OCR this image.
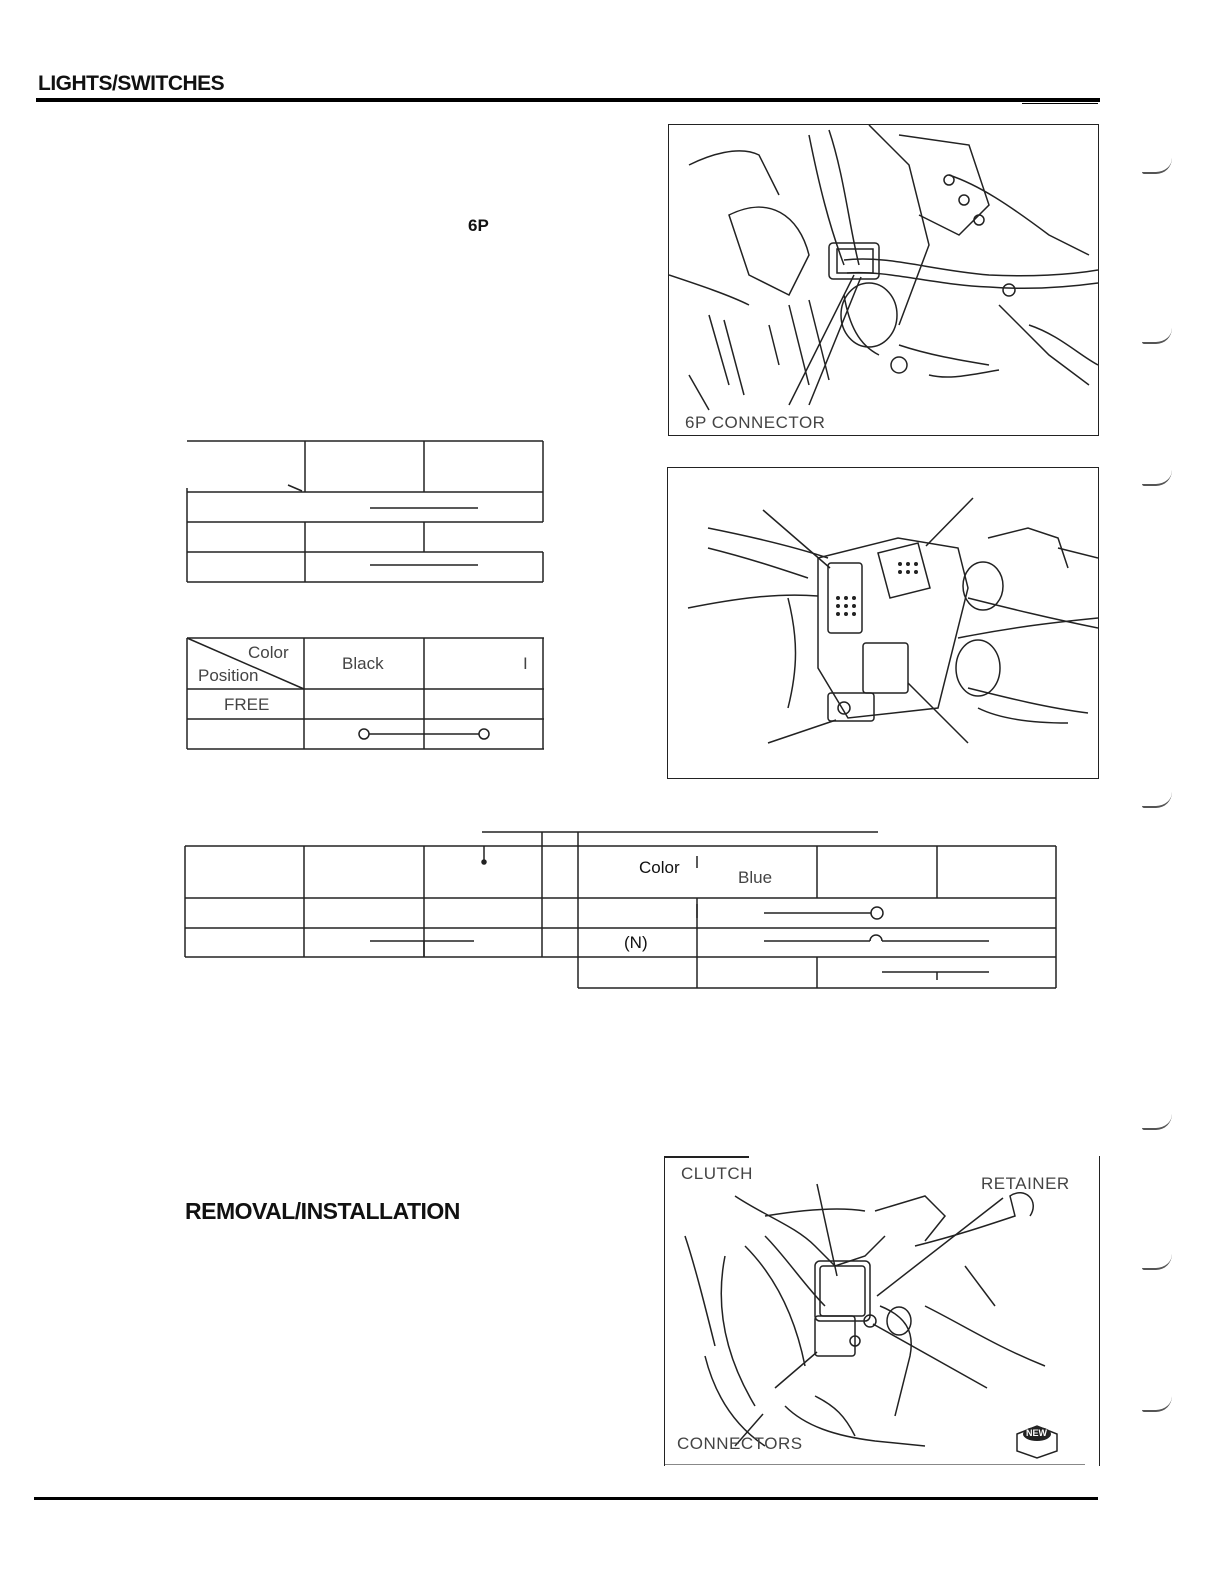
LIGHTS/SWITCHES
6P
6P CONNECTOR
Color
Position
Black	I
FREE
Color
Blue
(N)
REMOVAL/INSTALLATION
CLUTCH
RETAINER
CONNECTORS
NEW
